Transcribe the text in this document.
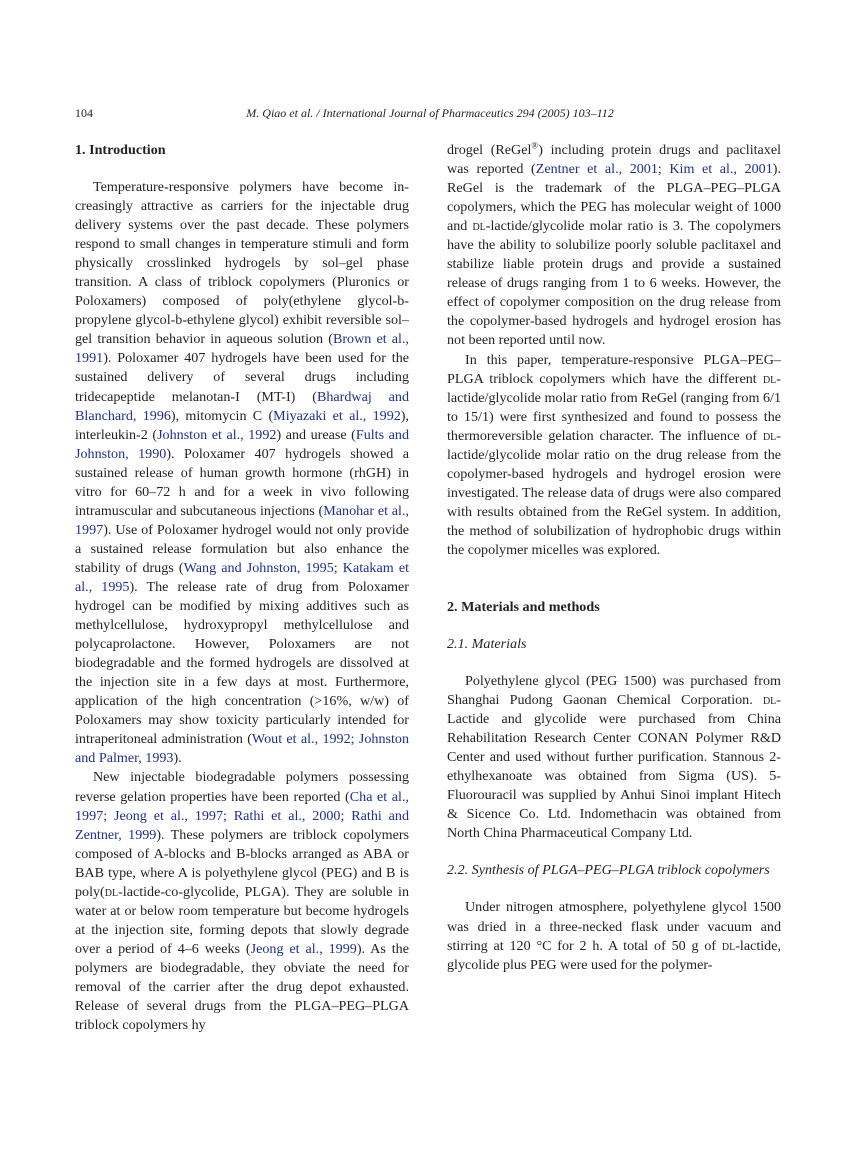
104	M. Qiao et al. / International Journal of Pharmaceutics 294 (2005) 103–112
1. Introduction

Temperature-responsive polymers have become increasingly attractive as carriers for the injectable drug delivery systems over the past decade. These polymers respond to small changes in temperature stimuli and form physically crosslinked hydrogels by sol–gel phase transition. A class of triblock copolymers (Pluronics or Poloxamers) composed of poly(ethylene glycol-b-propylene glycol-b-ethylene glycol) exhibit reversible sol–gel transition behavior in aqueous solution (Brown et al., 1991). Poloxamer 407 hydrogels have been used for the sustained delivery of several drugs including tridecapeptide melanotan-I (MT-I) (Bhardwaj and Blanchard, 1996), mitomycin C (Miyazaki et al., 1992), interleukin-2 (Johnston et al., 1992) and urease (Fults and Johnston, 1990). Poloxamer 407 hydrogels showed a sustained release of human growth hormone (rhGH) in vitro for 60–72 h and for a week in vivo following intramuscular and subcutaneous injections (Manohar et al., 1997). Use of Poloxamer hydrogel would not only provide a sustained release formulation but also enhance the stability of drugs (Wang and Johnston, 1995; Katakam et al., 1995). The release rate of drug from Poloxamer hydrogel can be modified by mixing additives such as methylcellulose, hydroxypropyl methylcellulose and polycaprolactone. However, Poloxamers are not biodegradable and the formed hydrogels are dissolved at the injection site in a few days at most. Furthermore, application of the high concentration (>16%, w/w) of Poloxamers may show toxicity particularly intended for intraperitoneal administration (Wout et al., 1992; Johnston and Palmer, 1993).

New injectable biodegradable polymers possessing reverse gelation properties have been reported (Cha et al., 1997; Jeong et al., 1997; Rathi et al., 2000; Rathi and Zentner, 1999). These polymers are triblock copolymers composed of A-blocks and B-blocks arranged as ABA or BAB type, where A is polyethylene glycol (PEG) and B is poly(dl-lactide-co-glycolide, PLGA). They are soluble in water at or below room temperature but become hydrogels at the injection site, forming depots that slowly degrade over a period of 4–6 weeks (Jeong et al., 1999). As the polymers are biodegradable, they obviate the need for removal of the carrier after the drug depot exhausted. Release of several drugs from the PLGA–PEG–PLGA triblock copolymers hy

drogel (ReGel®) including protein drugs and paclitaxel was reported (Zentner et al., 2001; Kim et al., 2001). ReGel is the trademark of the PLGA–PEG–PLGA copolymers, which the PEG has molecular weight of 1000 and dl-lactide/glycolide molar ratio is 3. The copolymers have the ability to solubilize poorly soluble paclitaxel and stabilize liable protein drugs and provide a sustained release of drugs ranging from 1 to 6 weeks. However, the effect of copolymer composition on the drug release from the copolymer-based hydrogels and hydrogel erosion has not been reported until now.

In this paper, temperature-responsive PLGA–PEG–PLGA triblock copolymers which have the different dl-lactide/glycolide molar ratio from ReGel (ranging from 6/1 to 15/1) were first synthesized and found to possess the thermoreversible gelation character. The influence of dl-lactide/glycolide molar ratio on the drug release from the copolymer-based hydrogels and hydrogel erosion were investigated. The release data of drugs were also compared with results obtained from the ReGel system. In addition, the method of solubilization of hydrophobic drugs within the copolymer micelles was explored.

2. Materials and methods
2.1. Materials

Polyethylene glycol (PEG 1500) was purchased from Shanghai Pudong Gaonan Chemical Corporation. dl-Lactide and glycolide were purchased from China Rehabilitation Research Center CONAN Polymer R&D Center and used without further purification. Stannous 2-ethylhexanoate was obtained from Sigma (US). 5-Fluorouracil was supplied by Anhui Sinoi implant Hitech & Sicence Co. Ltd. Indomethacin was obtained from North China Pharmaceutical Company Ltd.

2.2. Synthesis of PLGA–PEG–PLGA triblock copolymers

Under nitrogen atmosphere, polyethylene glycol 1500 was dried in a three-necked flask under vacuum and stirring at 120 °C for 2 h. A total of 50 g of dl-lactide, glycolide plus PEG were used for the polymer-
